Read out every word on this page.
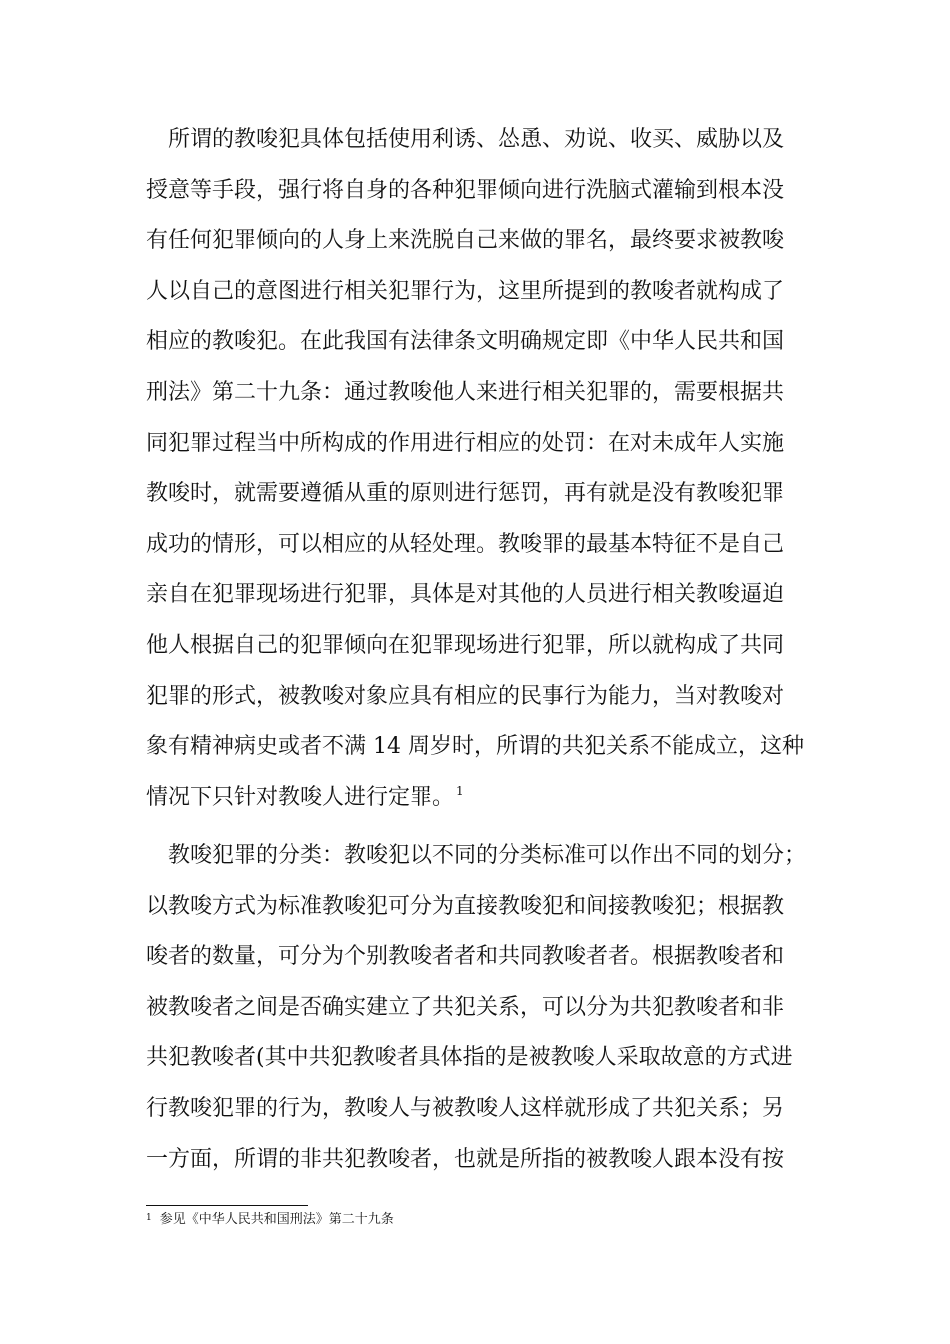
　所谓的教唆犯具体包括使用利诱、怂恿、劝说、收买、威胁以及
授意等手段，强行将自身的各种犯罪倾向进行洗脑式灌输到根本没
有任何犯罪倾向的人身上来洗脱自己来做的罪名，最终要求被教唆
人以自己的意图进行相关犯罪行为，这里所提到的教唆者就构成了
相应的教唆犯。在此我国有法律条文明确规定即《中华人民共和国
刑法》第二十九条：通过教唆他人来进行相关犯罪的，需要根据共
同犯罪过程当中所构成的作用进行相应的处罚：在对未成年人实施
教唆时，就需要遵循从重的原则进行惩罚，再有就是没有教唆犯罪
成功的情形，可以相应的从轻处理。教唆罪的最基本特征不是自己
亲自在犯罪现场进行犯罪，具体是对其他的人员进行相关教唆逼迫
他人根据自己的犯罪倾向在犯罪现场进行犯罪，所以就构成了共同
犯罪的形式，被教唆对象应具有相应的民事行为能力，当对教唆对
象有精神病史或者不满 14 周岁时，所谓的共犯关系不能成立，这种
情况下只针对教唆人进行定罪。 $^1$
　教唆犯罪的分类：教唆犯以不同的分类标准可以作出不同的划分；
以教唆方式为标准教唆犯可分为直接教唆犯和间接教唆犯；根据教
唆者的数量，可分为个别教唆者者和共同教唆者者。根据教唆者和
被教唆者之间是否确实建立了共犯关系，可以分为共犯教唆者和非
共犯教唆者(其中共犯教唆者具体指的是被教唆人采取故意的方式进
行教唆犯罪的行为，教唆人与被教唆人这样就形成了共犯关系；另
一方面，所谓的非共犯教唆者，也就是所指的被教唆人跟本没有按
$^1$ 参见《中华人民共和国刑法》第二十九条
